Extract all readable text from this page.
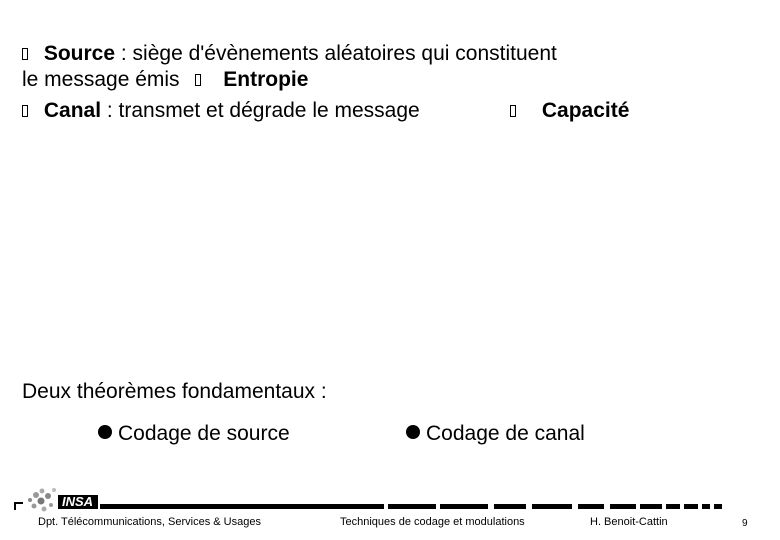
Source : siège d'évènements aléatoires qui constituent
le message émis Entropie
Canal : transmet et dégrade le message	Capacité
Deux théorèmes fondamentaux :
Codage de source	Codage de canal
INSA
Dpt. Télécommunications, Services & Usages	Techniques de codage et modulations	H. Benoit-Cattin	9
